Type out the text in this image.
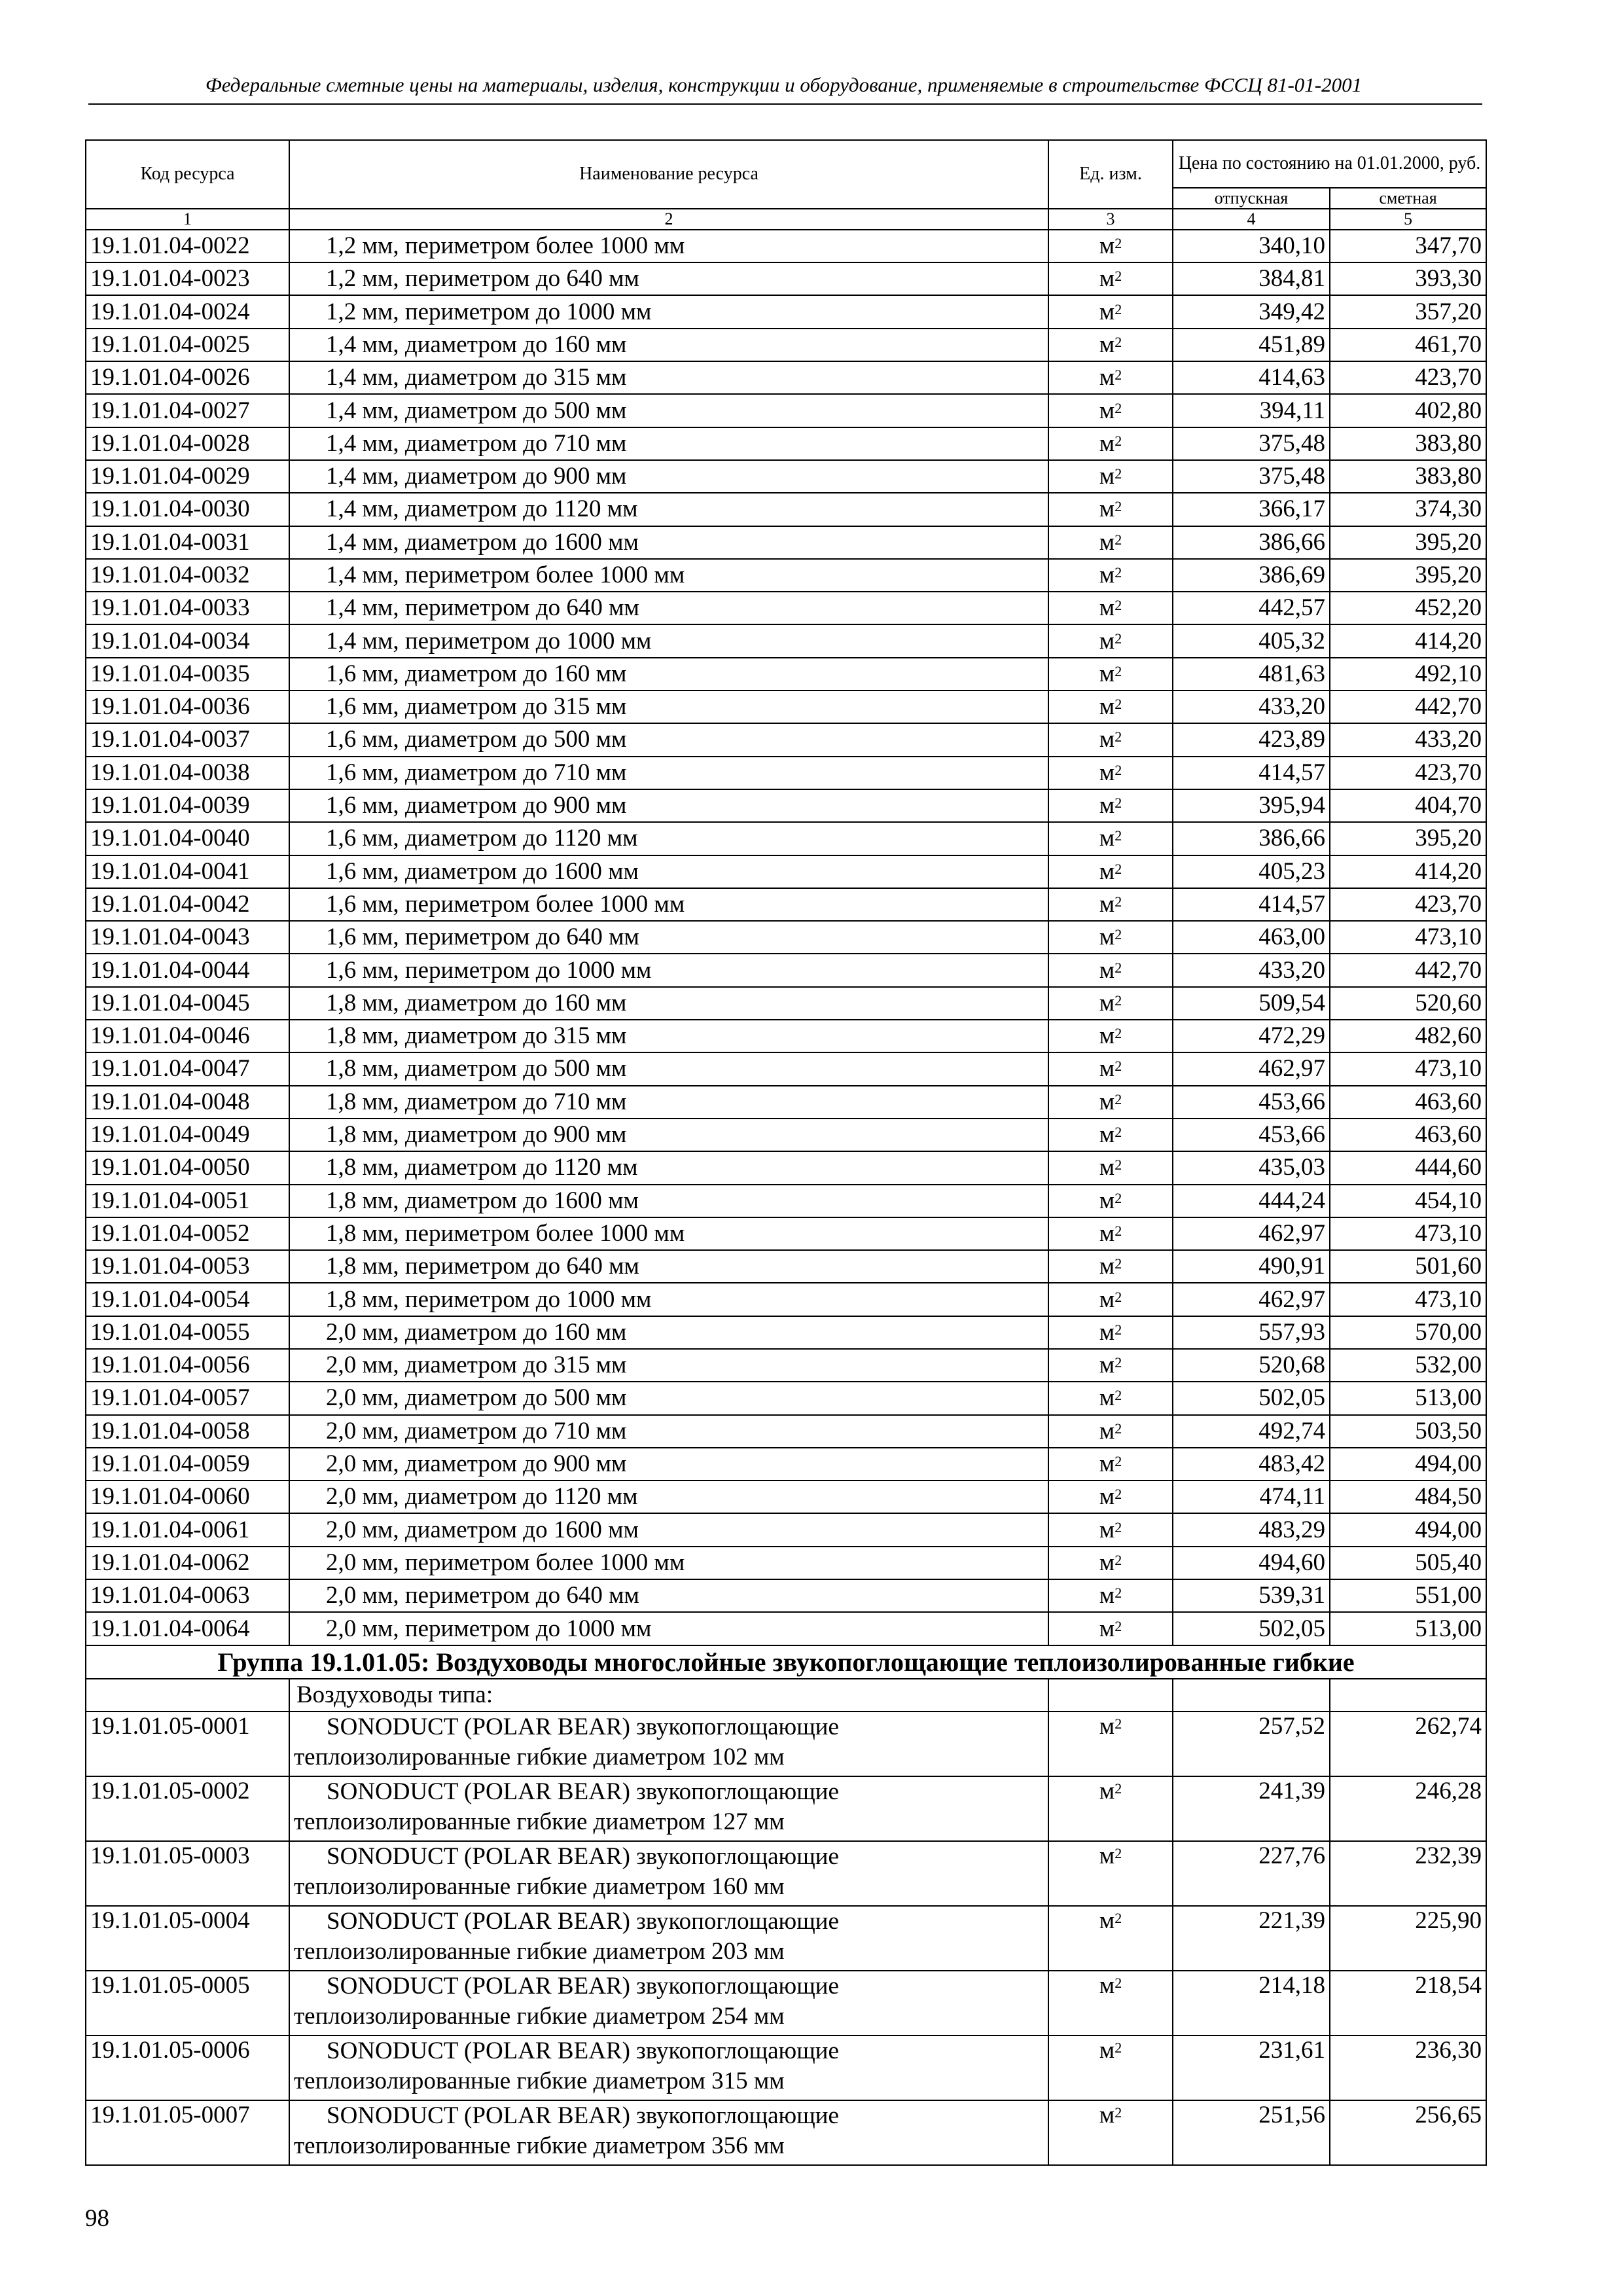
Федеральные сметные цены на материалы, изделия, конструкции и оборудование, применяемые в строительстве ФССЦ 81-01-2001
Код ресурса	Наименование ресурса	Ед. изм.	Цена по состоянию на 01.01.2000, руб.	
			отпускная	сметная
1	2	3	4	5
19.1.01.04-0022	1,2 мм, периметром более 1000 мм	$м^2$	340,10	347,70
19.1.01.04-0023	1,2 мм, периметром до 640 мм	$м^2$	384,81	393,30
19.1.01.04-0024	1,2 мм, периметром до 1000 мм	$м^2$	349,42	357,20
19.1.01.04-0025	1,4 мм, диаметром до 160 мм	$м^2$	451,89	461,70
19.1.01.04-0026	1,4 мм, диаметром до 315 мм	$м^2$	414,63	423,70
19.1.01.04-0027	1,4 мм, диаметром до 500 мм	$м^2$	394,11	402,80
19.1.01.04-0028	1,4 мм, диаметром до 710 мм	$м^2$	375,48	383,80
19.1.01.04-0029	1,4 мм, диаметром до 900 мм	$м^2$	375,48	383,80
19.1.01.04-0030	1,4 мм, диаметром до 1120 мм	$м^2$	366,17	374,30
19.1.01.04-0031	1,4 мм, диаметром до 1600 мм	$м^2$	386,66	395,20
19.1.01.04-0032	1,4 мм, периметром более 1000 мм	$м^2$	386,69	395,20
19.1.01.04-0033	1,4 мм, периметром до 640 мм	$м^2$	442,57	452,20
19.1.01.04-0034	1,4 мм, периметром до 1000 мм	$м^2$	405,32	414,20
19.1.01.04-0035	1,6 мм, диаметром до 160 мм	$м^2$	481,63	492,10
19.1.01.04-0036	1,6 мм, диаметром до 315 мм	$м^2$	433,20	442,70
19.1.01.04-0037	1,6 мм, диаметром до 500 мм	$м^2$	423,89	433,20
19.1.01.04-0038	1,6 мм, диаметром до 710 мм	$м^2$	414,57	423,70
19.1.01.04-0039	1,6 мм, диаметром до 900 мм	$м^2$	395,94	404,70
19.1.01.04-0040	1,6 мм, диаметром до 1120 мм	$м^2$	386,66	395,20
19.1.01.04-0041	1,6 мм, диаметром до 1600 мм	$м^2$	405,23	414,20
19.1.01.04-0042	1,6 мм, периметром более 1000 мм	$м^2$	414,57	423,70
19.1.01.04-0043	1,6 мм, периметром до 640 мм	$м^2$	463,00	473,10
19.1.01.04-0044	1,6 мм, периметром до 1000 мм	$м^2$	433,20	442,70
19.1.01.04-0045	1,8 мм, диаметром до 160 мм	$м^2$	509,54	520,60
19.1.01.04-0046	1,8 мм, диаметром до 315 мм	$м^2$	472,29	482,60
19.1.01.04-0047	1,8 мм, диаметром до 500 мм	$м^2$	462,97	473,10
19.1.01.04-0048	1,8 мм, диаметром до 710 мм	$м^2$	453,66	463,60
19.1.01.04-0049	1,8 мм, диаметром до 900 мм	$м^2$	453,66	463,60
19.1.01.04-0050	1,8 мм, диаметром до 1120 мм	$м^2$	435,03	444,60
19.1.01.04-0051	1,8 мм, диаметром до 1600 мм	$м^2$	444,24	454,10
19.1.01.04-0052	1,8 мм, периметром более 1000 мм	$м^2$	462,97	473,10
19.1.01.04-0053	1,8 мм, периметром до 640 мм	$м^2$	490,91	501,60
19.1.01.04-0054	1,8 мм, периметром до 1000 мм	$м^2$	462,97	473,10
19.1.01.04-0055	2,0 мм, диаметром до 160 мм	$м^2$	557,93	570,00
19.1.01.04-0056	2,0 мм, диаметром до 315 мм	$м^2$	520,68	532,00
19.1.01.04-0057	2,0 мм, диаметром до 500 мм	$м^2$	502,05	513,00
19.1.01.04-0058	2,0 мм, диаметром до 710 мм	$м^2$	492,74	503,50
19.1.01.04-0059	2,0 мм, диаметром до 900 мм	$м^2$	483,42	494,00
19.1.01.04-0060	2,0 мм, диаметром до 1120 мм	$м^2$	474,11	484,50
19.1.01.04-0061	2,0 мм, диаметром до 1600 мм	$м^2$	483,29	494,00
19.1.01.04-0062	2,0 мм, периметром более 1000 мм	$м^2$	494,60	505,40
19.1.01.04-0063	2,0 мм, периметром до 640 мм	$м^2$	539,31	551,00
19.1.01.04-0064	2,0 мм, периметром до 1000 мм	$м^2$	502,05	513,00
Группа 19.1.01.05: Воздуховоды многослойные звукопоглощающие теплоизолированные гибкие				
	Воздуховоды типа:			
19.1.01.05-0001	SONODUCT (POLAR BEAR) звукопоглощающие теплоизолированные гибкие диаметром 102 мм	$м^2$	257,52	262,74
19.1.01.05-0002	SONODUCT (POLAR BEAR) звукопоглощающие теплоизолированные гибкие диаметром 127 мм	$м^2$	241,39	246,28
19.1.01.05-0003	SONODUCT (POLAR BEAR) звукопоглощающие теплоизолированные гибкие диаметром 160 мм	$м^2$	227,76	232,39
19.1.01.05-0004	SONODUCT (POLAR BEAR) звукопоглощающие теплоизолированные гибкие диаметром 203 мм	$м^2$	221,39	225,90
19.1.01.05-0005	SONODUCT (POLAR BEAR) звукопоглощающие теплоизолированные гибкие диаметром 254 мм	$м^2$	214,18	218,54
19.1.01.05-0006	SONODUCT (POLAR BEAR) звукопоглощающие теплоизолированные гибкие диаметром 315 мм	$м^2$	231,61	236,30
19.1.01.05-0007	SONODUCT (POLAR BEAR) звукопоглощающие теплоизолированные гибкие диаметром 356 мм	$м^2$	251,56	256,65
98
